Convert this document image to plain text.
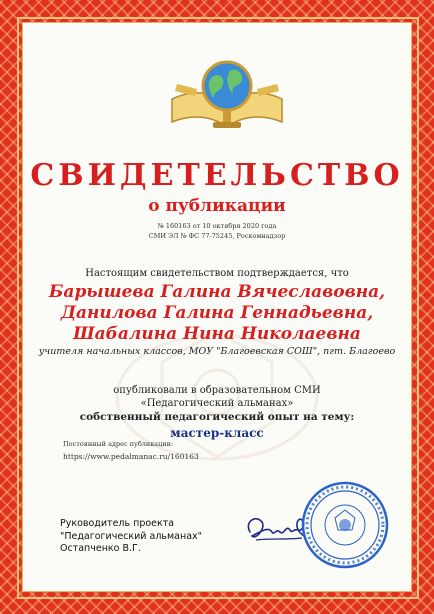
СВИДЕТЕЛЬСТВО
о публикации
№ 160163 от 10 октября 2020 года
СМИ ЭЛ № ФС 77-75245, Роскомнадзор
Настоящим свидетельством подтверждается, что
Барышева Галина Вячеславовна,
Данилова Галина Геннадьевна,
Шабалина Нина Николаевна
учителя начальных классов, МОУ "Благоевская СОШ", пгт. Благоево
опубликовали в образовательном СМИ
«Педагогический альманах»
собственный педагогический опыт на тему:
мастер-класс
Постоянный адрес публикации:
https://www.pedalmanac.ru/160163
Руководитель проекта
"Педагогический альманах"
Остапченко В.Г.
